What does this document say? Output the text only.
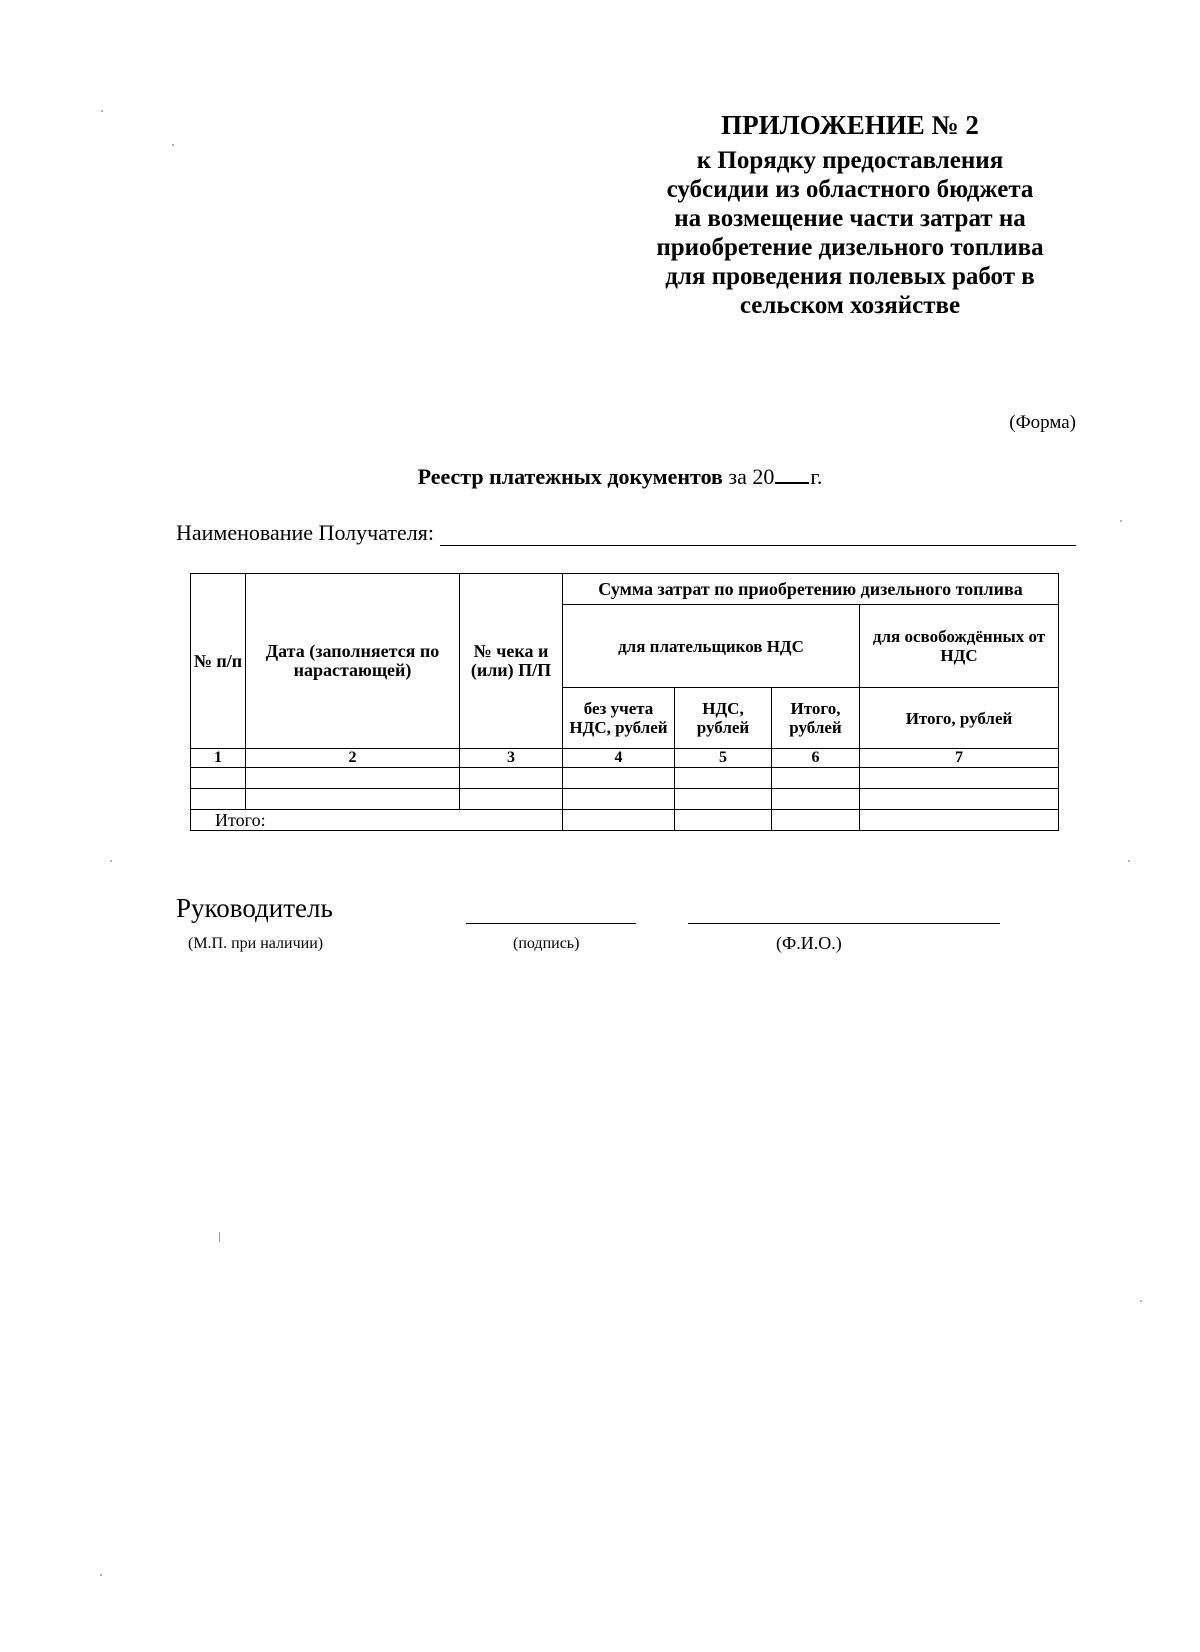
ПРИЛОЖЕНИЕ № 2
к Порядку предоставления
субсидии из областного бюджета
на возмещение части затрат на
приобретение дизельного топлива
для проведения полевых работ в
сельском хозяйстве
(Форма)
Реестр платежных документов за 20 г.
Наименование Получателя:
№ п/п	Дата (заполняется по нарастающей)	№ чека и (или) П/П	Сумма затрат по приобретению дизельного топлива			
			для плательщиков НДС			для освобождённых от НДС
			без учета НДС, рублей	НДС, рублей	Итого, рублей	Итого, рублей
1	2	3	4	5	6	7

Итого:						
Руководитель
(М.П. при наличии)	(подпись)	(Ф.И.О.)
